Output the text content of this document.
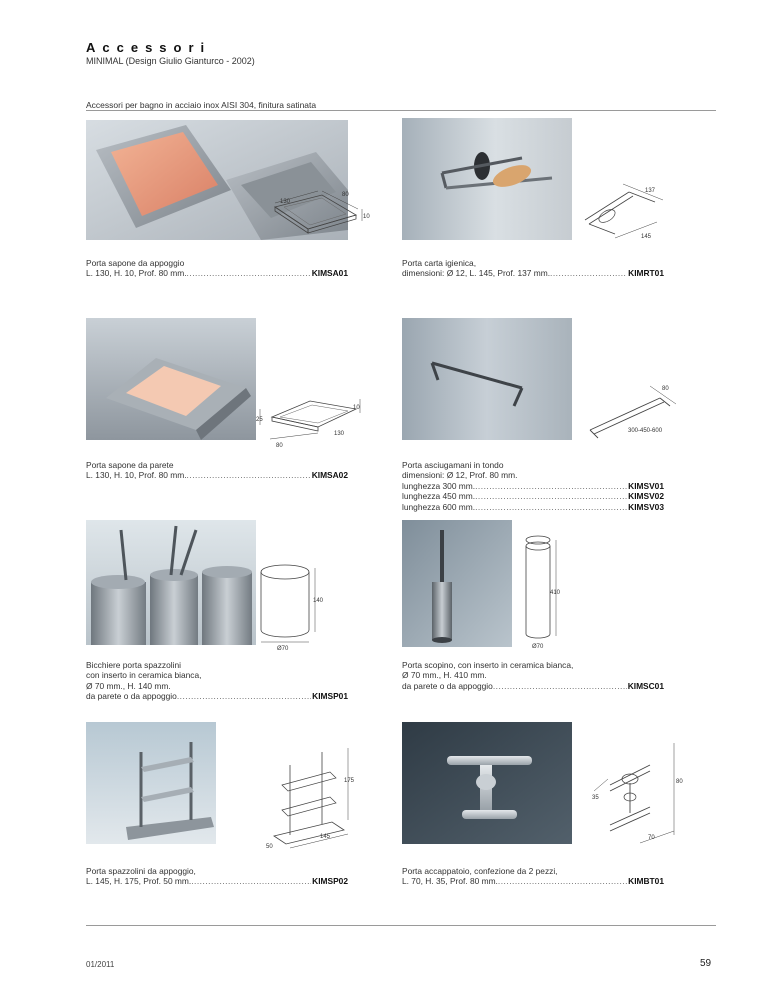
Accessori
MINIMAL (Design Giulio Gianturco - 2002)
Accessori per bagno in acciaio inox AISI 304, finitura satinata
80
130
10
Porta sapone da appoggio
L. 130, H. 10, Prof. 80 mm. .....	KIMSA01
137
145
Porta carta igienica,
dimensioni: Ø 12, L. 145, Prof. 137 mm. .....	KIMRT01
25
10
130
80
Porta sapone da parete
L. 130, H. 10, Prof. 80 mm. .....	KIMSA02
80
300-450-600
Porta asciugamani in tondo
dimensioni: Ø 12, Prof. 80 mm.
lunghezza 300 mm. .....	KIMSV01
lunghezza 450 mm. .....	KIMSV02
lunghezza 600 mm. .....	KIMSV03
140
Ø70
Bicchiere porta spazzolini
con inserto in ceramica bianca,
Ø 70 mm., H. 140 mm.
da parete o da appoggio .....	KIMSP01
410
Ø70
Porta scopino, con inserto in ceramica bianca,
Ø 70 mm., H. 410 mm.
da parete o da appoggio .....	KIMSC01
175
145
50
Porta spazzolini da appoggio,
L. 145, H. 175, Prof. 50 mm. .....	KIMSP02
80
35
70
Porta accappatoio, confezione da 2 pezzi,
L. 70, H. 35, Prof. 80 mm. .....	KIMBT01
01/2011	59
